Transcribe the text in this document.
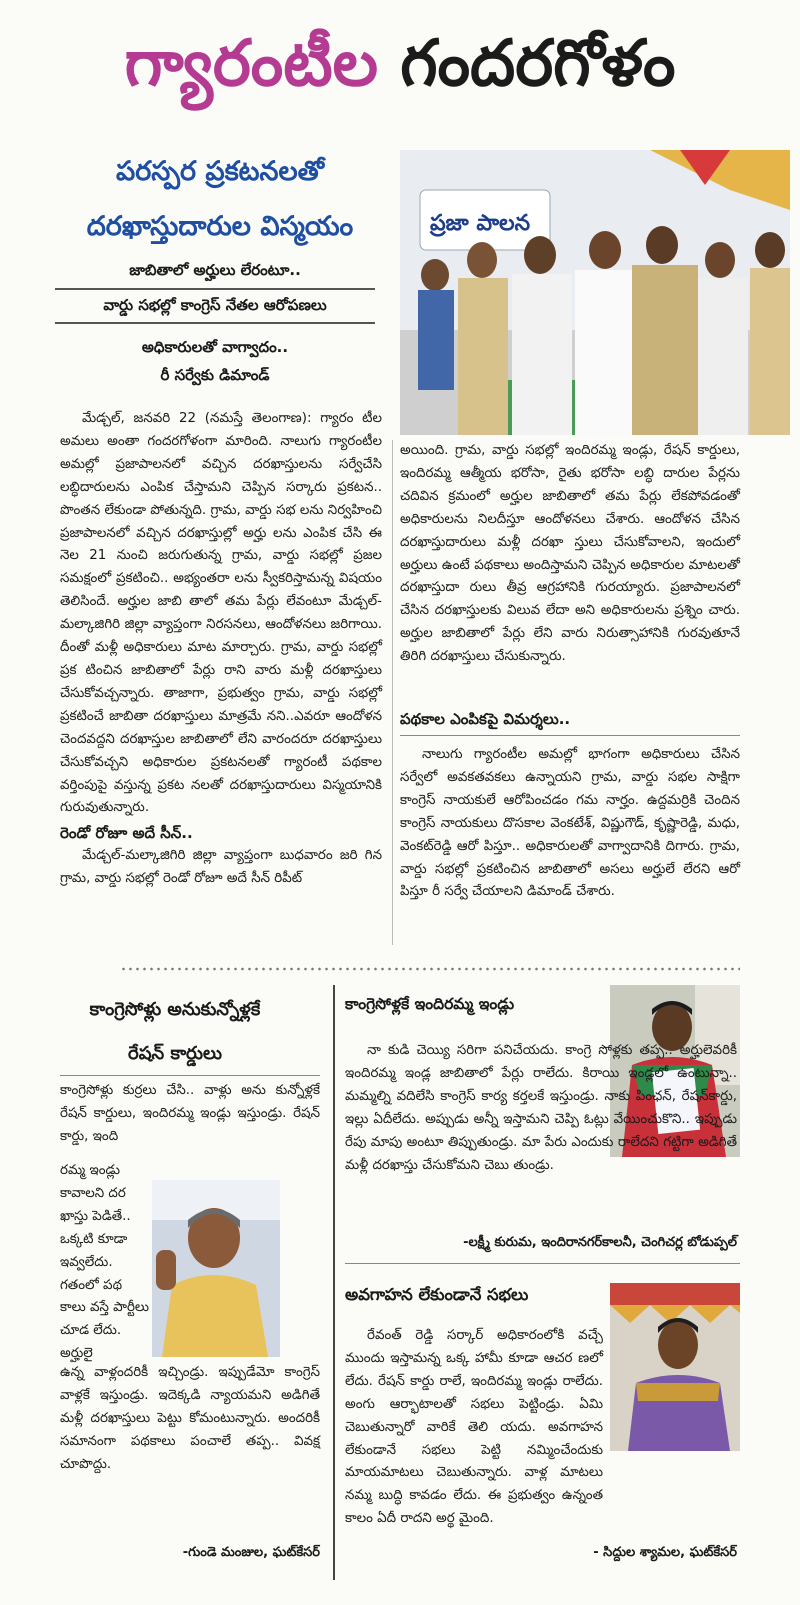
గ్యారంటీల గందరగోళం
పరస్పర ప్రకటనలతో
దరఖాస్తుదారుల విస్మయం
జాబితాలో అర్హులు లేరంటూ..
వార్డు సభల్లో కాంగ్రెస్ నేతల ఆరోపణలు
అధికారులతో వాగ్వాదం..
రీ సర్వేకు డిమాండ్
ప్రజా పాలన

మేడ్చల్, జనవరి 22 (నమస్తే తెలంగాణ): గ్యారం టీల అమలు అంతా గందరగోళంగా మారింది. నాలుగు గ్యారంటీల అమల్లో ప్రజాపాలనలో వచ్చిన దరఖాస్తులను సర్వేచేసి లబ్ధిదారులను ఎంపిక చేస్తామని చెప్పిన సర్కారు ప్రకటన.. పొంతన లేకుండా పోతున్నది. గ్రామ, వార్డు సభ లను నిర్వహించి ప్రజాపాలనలో వచ్చిన దరఖాస్తుల్లో అర్హు లను ఎంపిక చేసి ఈ నెల 21 నుంచి జరుగుతున్న గ్రామ, వార్డు సభల్లో ప్రజల సమక్షంలో ప్రకటించి.. అభ్యంతరా లను స్వీకరిస్తామన్న విషయం తెలిసిందే. అర్హుల జాబి తాలో తమ పేర్లు లేవంటూ మేడ్చల్-మల్కాజిగిరి జిల్లా వ్యాప్తంగా నిరసనలు, ఆందోళనలు జరిగాయి. దీంతో మళ్లీ అధికారులు మాట మార్చారు. గ్రామ, వార్డు సభల్లో ప్రక టించిన జాబితాలో పేర్లు రాని వారు మళ్లీ దరఖాస్తులు చేసుకోవచ్చన్నారు. తాజాగా, ప్రభుత్వం గ్రామ, వార్డు సభల్లో ప్రకటించే జాబితా దరఖాస్తులు మాత్రమే నని..ఎవరూ ఆందోళన చెందవద్దని దరఖాస్తుల జాబితాలో లేని వారందరూ దరఖాస్తులు చేసుకోవచ్చని అధికారుల ప్రకటనలతో గ్యారంటీ పథకాల వర్తింపుపై వస్తున్న ప్రకట నలతో దరఖాస్తుదారులు విస్మయానికి గురువుతున్నారు.

రెండో రోజూ అదే సీన్..

మేడ్చల్-మల్కాజిగిరి జిల్లా వ్యాప్తంగా బుధవారం జరి గిన గ్రామ, వార్డు సభల్లో రెండో రోజూ అదే సీన్ రిపీట్

అయింది. గ్రామ, వార్డు సభల్లో ఇందిరమ్మ ఇండ్లు, రేషన్ కార్డులు, ఇందిరమ్మ ఆత్మీయ భరోసా, రైతు భరోసా లబ్ధి దారుల పేర్లను చదివిన క్రమంలో అర్హుల జాబితాలో తమ పేర్లు లేకపోవడంతో అధికారులను నిలదీస్తూ ఆందోళనలు చేశారు. ఆందోళన చేసిన దరఖాస్తుదారులు మళ్లీ దరఖా స్తులు చేసుకోవాలని, ఇందులో అర్హులు ఉంటే పథకాలు అందిస్తామని చెప్పిన అధికారుల మాటలతో దరఖాస్తుదా రులు తీవ్ర ఆగ్రహానికి గురయ్యారు. ప్రజాపాలనలో చేసిన దరఖాస్తులకు విలువ లేదా అని అధికారులను ప్రశ్నిం చారు. అర్హుల జాబితాలో పేర్లు లేని వారు నిరుత్సాహానికి గురవుతూనే తిరిగి దరఖాస్తులు చేసుకున్నారు.
పథకాల ఎంపికపై విమర్శలు..

నాలుగు గ్యారంటీల అమల్లో భాగంగా అధికారులు చేసిన సర్వేలో అవకతవకలు ఉన్నాయని గ్రామ, వార్డు సభల సాక్షిగా కాంగ్రెస్ నాయకులే ఆరోపించడం గమ నార్హం. ఉద్దమర్రికి చెందిన కాంగ్రెస్ నాయకులు దొసకాల వెంకటేశ్, విష్ణుగౌడ్, కృష్ణారెడ్డి, మధు, వెంకట్‌రెడ్డి ఆరో పిస్తూ.. అధికారులతో వాగ్వాదానికి దిగారు. గ్రామ, వార్డు సభల్లో ప్రకటించిన జాబితాలో అసలు అర్హులే లేరని ఆరో పిస్తూ రీ సర్వే చేయాలని డిమాండ్ చేశారు.

కాంగ్రెసోళ్లు అనుకున్నోళ్లకే
రేషన్ కార్డులు
కాంగ్రెసోళ్లు కుర్రలు చేసి.. వాళ్లు అను కున్నోళ్లకే రేషన్ కార్డులు, ఇందిరమ్మ ఇండ్లు ఇస్తుండ్రు. రేషన్ కార్డు, ఇంది
రమ్మ ఇండ్లు కావాలని దర ఖాస్తు పెడితే.. ఒక్కటి కూడా ఇవ్వలేదు. గతంలో పథ కాలు వస్తే పార్టీలు చూడ లేదు. అర్హులై
ఉన్న వాళ్లందరికీ ఇచ్చిండ్రు. ఇప్పుడేమో కాంగ్రెస్ వాళ్లకే ఇస్తుండ్రు. ఇదెక్కడి న్యాయమని అడిగితే మళ్లీ దరఖాస్తులు పెట్టు కోమంటున్నారు. అందరికీ సమానంగా పథకాలు పంచాలే తప్ప.. వివక్ష చూపొద్దు.
-గుండె మంజుల, ఘట్‌కేసర్
కాంగ్రెసోళ్లకే ఇందిరమ్మ ఇండ్లు

నా కుడి చెయ్యి సరిగా పనిచేయదు. కాంగ్రె సోళ్లకు తప్ప.. అర్హులెవరికీ ఇందిరమ్మ ఇండ్ల జాబితాలో పేర్లు రాలేదు. కిరాయి ఇండ్లలో ఉంటున్నా.. మమ్మల్ని వదిలేసి కాంగ్రెస్ కార్య కర్తలకే ఇస్తుండ్రు. నాకు పింఛన్, రేషన్‌కార్డు, ఇల్లు ఏదీలేదు. అప్పుడు అన్నీ ఇస్తామని చెప్పి ఓట్లు వేయించుకొని.. ఇప్పుడు రేపు మాపు అంటూ తిప్పుతుండ్రు. మా పేరు ఎందుకు రాలేదని గట్టిగా అడిగితే మళ్లీ దరఖాస్తు చేసుకోమని చెబు తుండ్రు.

-లక్ష్మీ కురుమ, ఇందిరానగర్‌కాలనీ, చెంగిచర్ల బోడుప్పల్
అవగాహన లేకుండానే సభలు

రేవంత్ రెడ్డి సర్కార్ అధికారంలోకి వచ్చే ముందు ఇస్తామన్న ఒక్క హామీ కూడా ఆచర ణలో లేదు. రేషన్ కార్డు రాలే, ఇందిరమ్మ ఇండ్లు రాలేదు. అంగు ఆర్భాటాలతో సభలు పెట్టిండ్రు. ఏమి చెబుతున్నారో వారికే తెలి యదు. అవగాహన లేకుండానే సభలు పెట్టి నమ్మించేందుకు మాయమాటలు చెబుతున్నారు. వాళ్ల మాటలు నమ్మ బుద్ధి కావడం లేదు. ఈ ప్రభుత్వం ఉన్నంత కాలం ఏదీ రాదని అర్థ మైంది.

- సిద్దుల శ్యామల, ఘట్‌కేసర్
